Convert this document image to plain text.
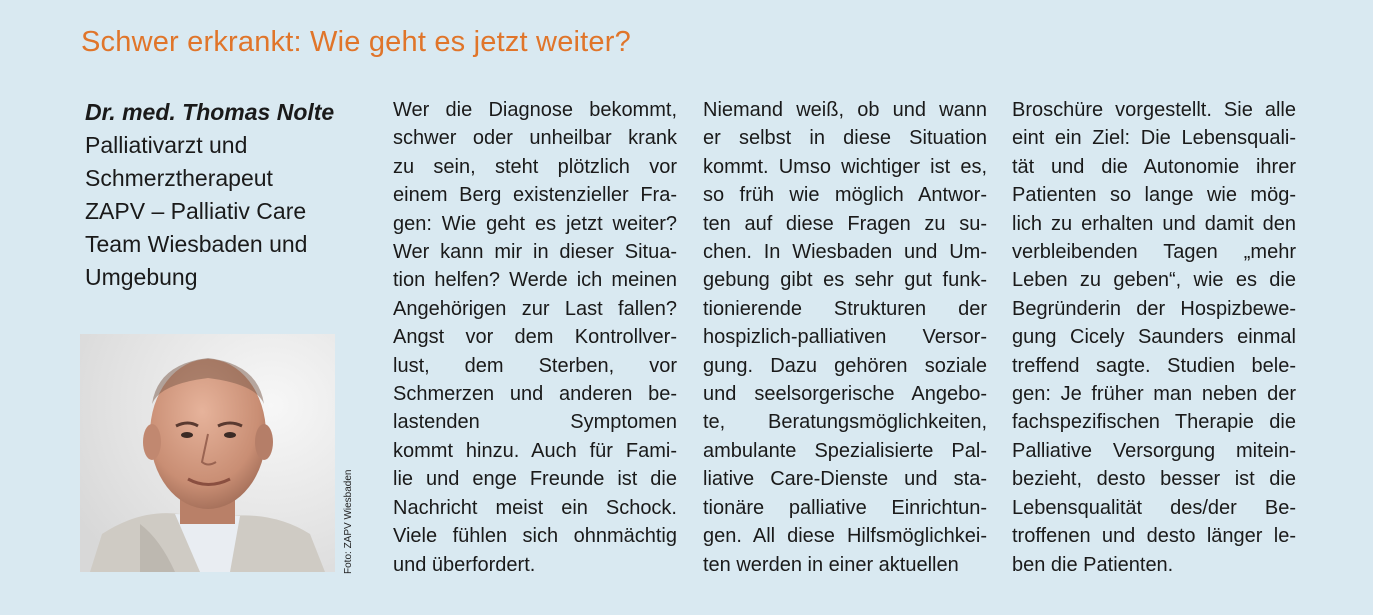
Schwer erkrankt: Wie geht es jetzt weiter?
Dr. med. Thomas Nolte
Palliativarzt und
Schmerztherapeut
ZAPV – Palliativ Care
Team Wiesbaden und
Umgebung
Foto: ZAPV Wiesbaden
Wer die Diagnose bekommt,
schwer oder unheilbar krank
zu sein, steht plötzlich vor
einem Berg existenzieller Fra-
gen: Wie geht es jetzt weiter?
Wer kann mir in dieser Situa-
tion helfen? Werde ich meinen
Angehörigen zur Last fallen?
Angst vor dem Kontrollver-
lust, dem Sterben, vor
Schmerzen und anderen be-
lastenden Symptomen
kommt hinzu. Auch für Fami-
lie und enge Freunde ist die
Nachricht meist ein Schock.
Viele fühlen sich ohnmächtig
und überfordert.
Niemand weiß, ob und wann
er selbst in diese Situation
kommt. Umso wichtiger ist es,
so früh wie möglich Antwor-
ten auf diese Fragen zu su-
chen. In Wiesbaden und Um-
gebung gibt es sehr gut funk-
tionierende Strukturen der
hospizlich-palliativen Versor-
gung. Dazu gehören soziale
und seelsorgerische Angebo-
te, Beratungsmöglichkeiten,
ambulante Spezialisierte Pal-
liative Care-Dienste und sta-
tionäre palliative Einrichtun-
gen. All diese Hilfsmöglichkei-
ten werden in einer aktuellen
Broschüre vorgestellt. Sie alle
eint ein Ziel: Die Lebensquali-
tät und die Autonomie ihrer
Patienten so lange wie mög-
lich zu erhalten und damit den
verbleibenden Tagen „mehr
Leben zu geben“, wie es die
Begründerin der Hospizbewe-
gung Cicely Saunders einmal
treffend sagte. Studien bele-
gen: Je früher man neben der
fachspezifischen Therapie die
Palliative Versorgung mitein-
bezieht, desto besser ist die
Lebensqualität des/der Be-
troffenen und desto länger le-
ben die Patienten.
